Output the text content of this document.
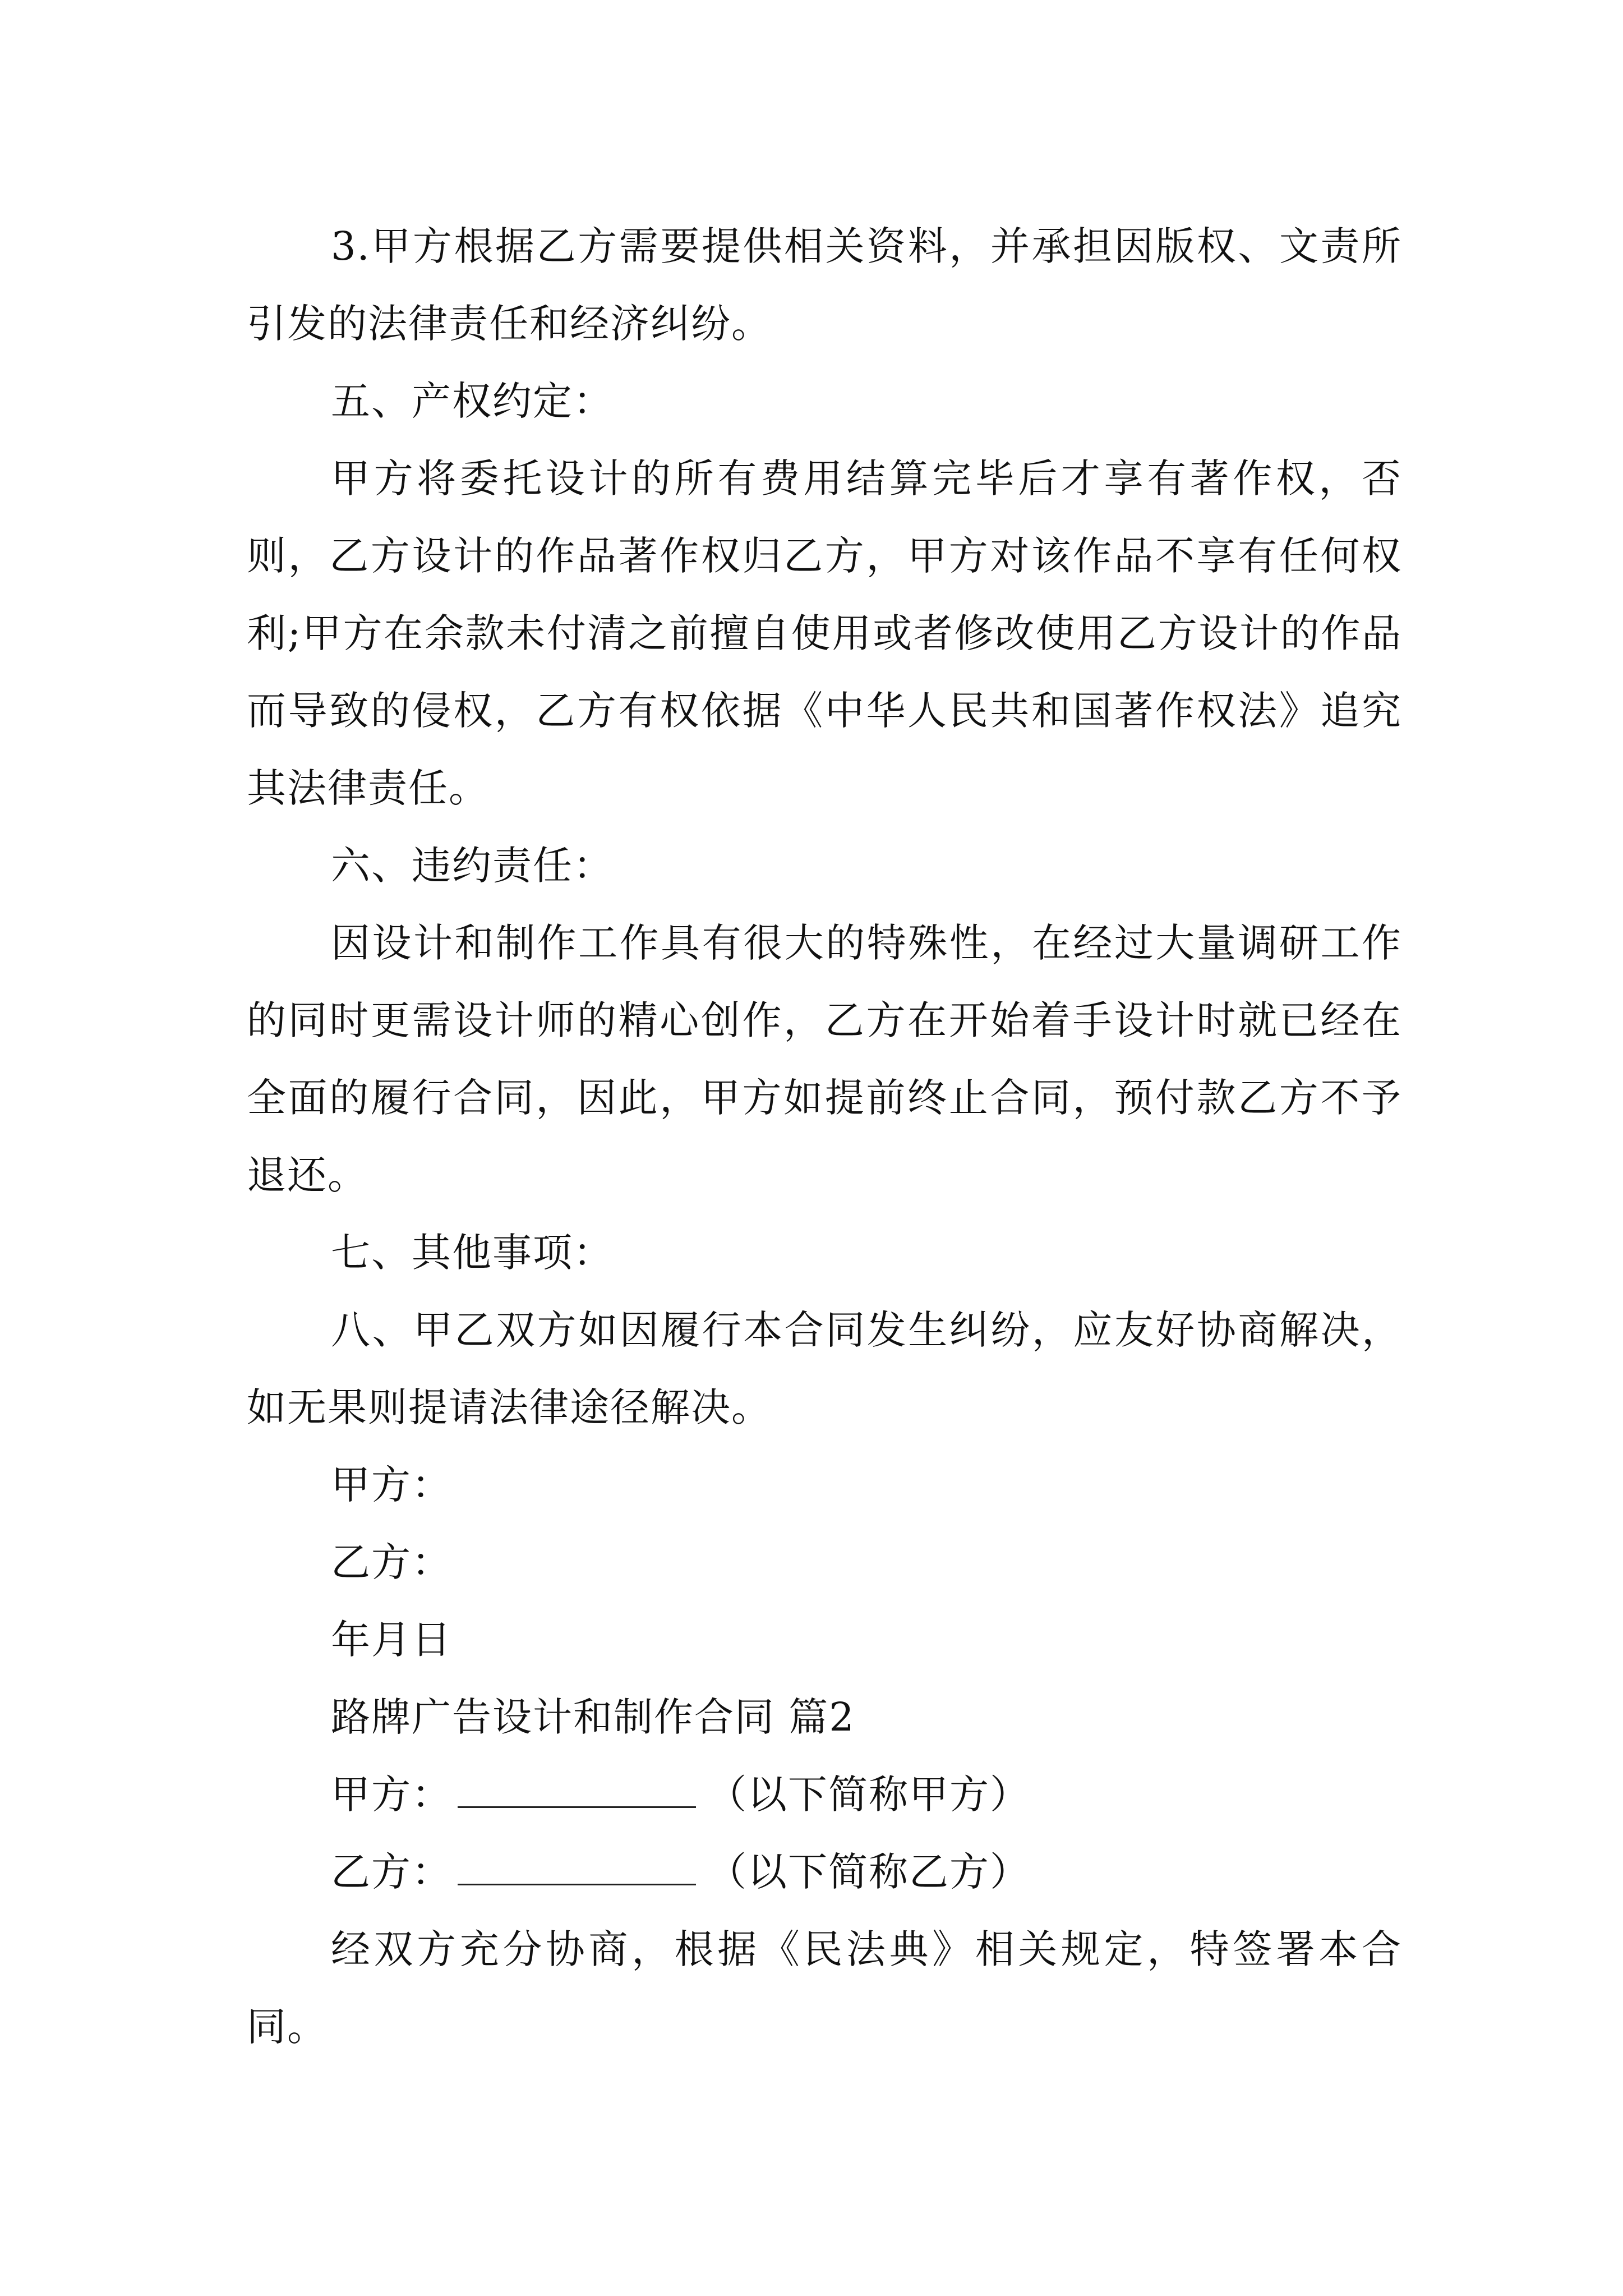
3.甲方根据乙方需要提供相关资料，并承担因版权、文责所引发的法律责任和经济纠纷。

五、产权约定：

甲方将委托设计的所有费用结算完毕后才享有著作权，否则，乙方设计的作品著作权归乙方，甲方对该作品不享有任何权利;甲方在余款未付清之前擅自使用或者修改使用乙方设计的作品而导致的侵权，乙方有权依据《中华人民共和国著作权法》追究其法律责任。

六、违约责任：

因设计和制作工作具有很大的特殊性，在经过大量调研工作的同时更需设计师的精心创作，乙方在开始着手设计时就已经在全面的履行合同，因此，甲方如提前终止合同，预付款乙方不予退还。

七、其他事项：

八、甲乙双方如因履行本合同发生纠纷，应友好协商解决，如无果则提请法律途径解决。

甲方：

乙方：

年月日

路牌广告设计和制作合同 篇2

甲方：	（以下简称甲方）

乙方：	（以下简称乙方）

经双方充分协商，根据《民法典》相关规定，特签署本合同。
